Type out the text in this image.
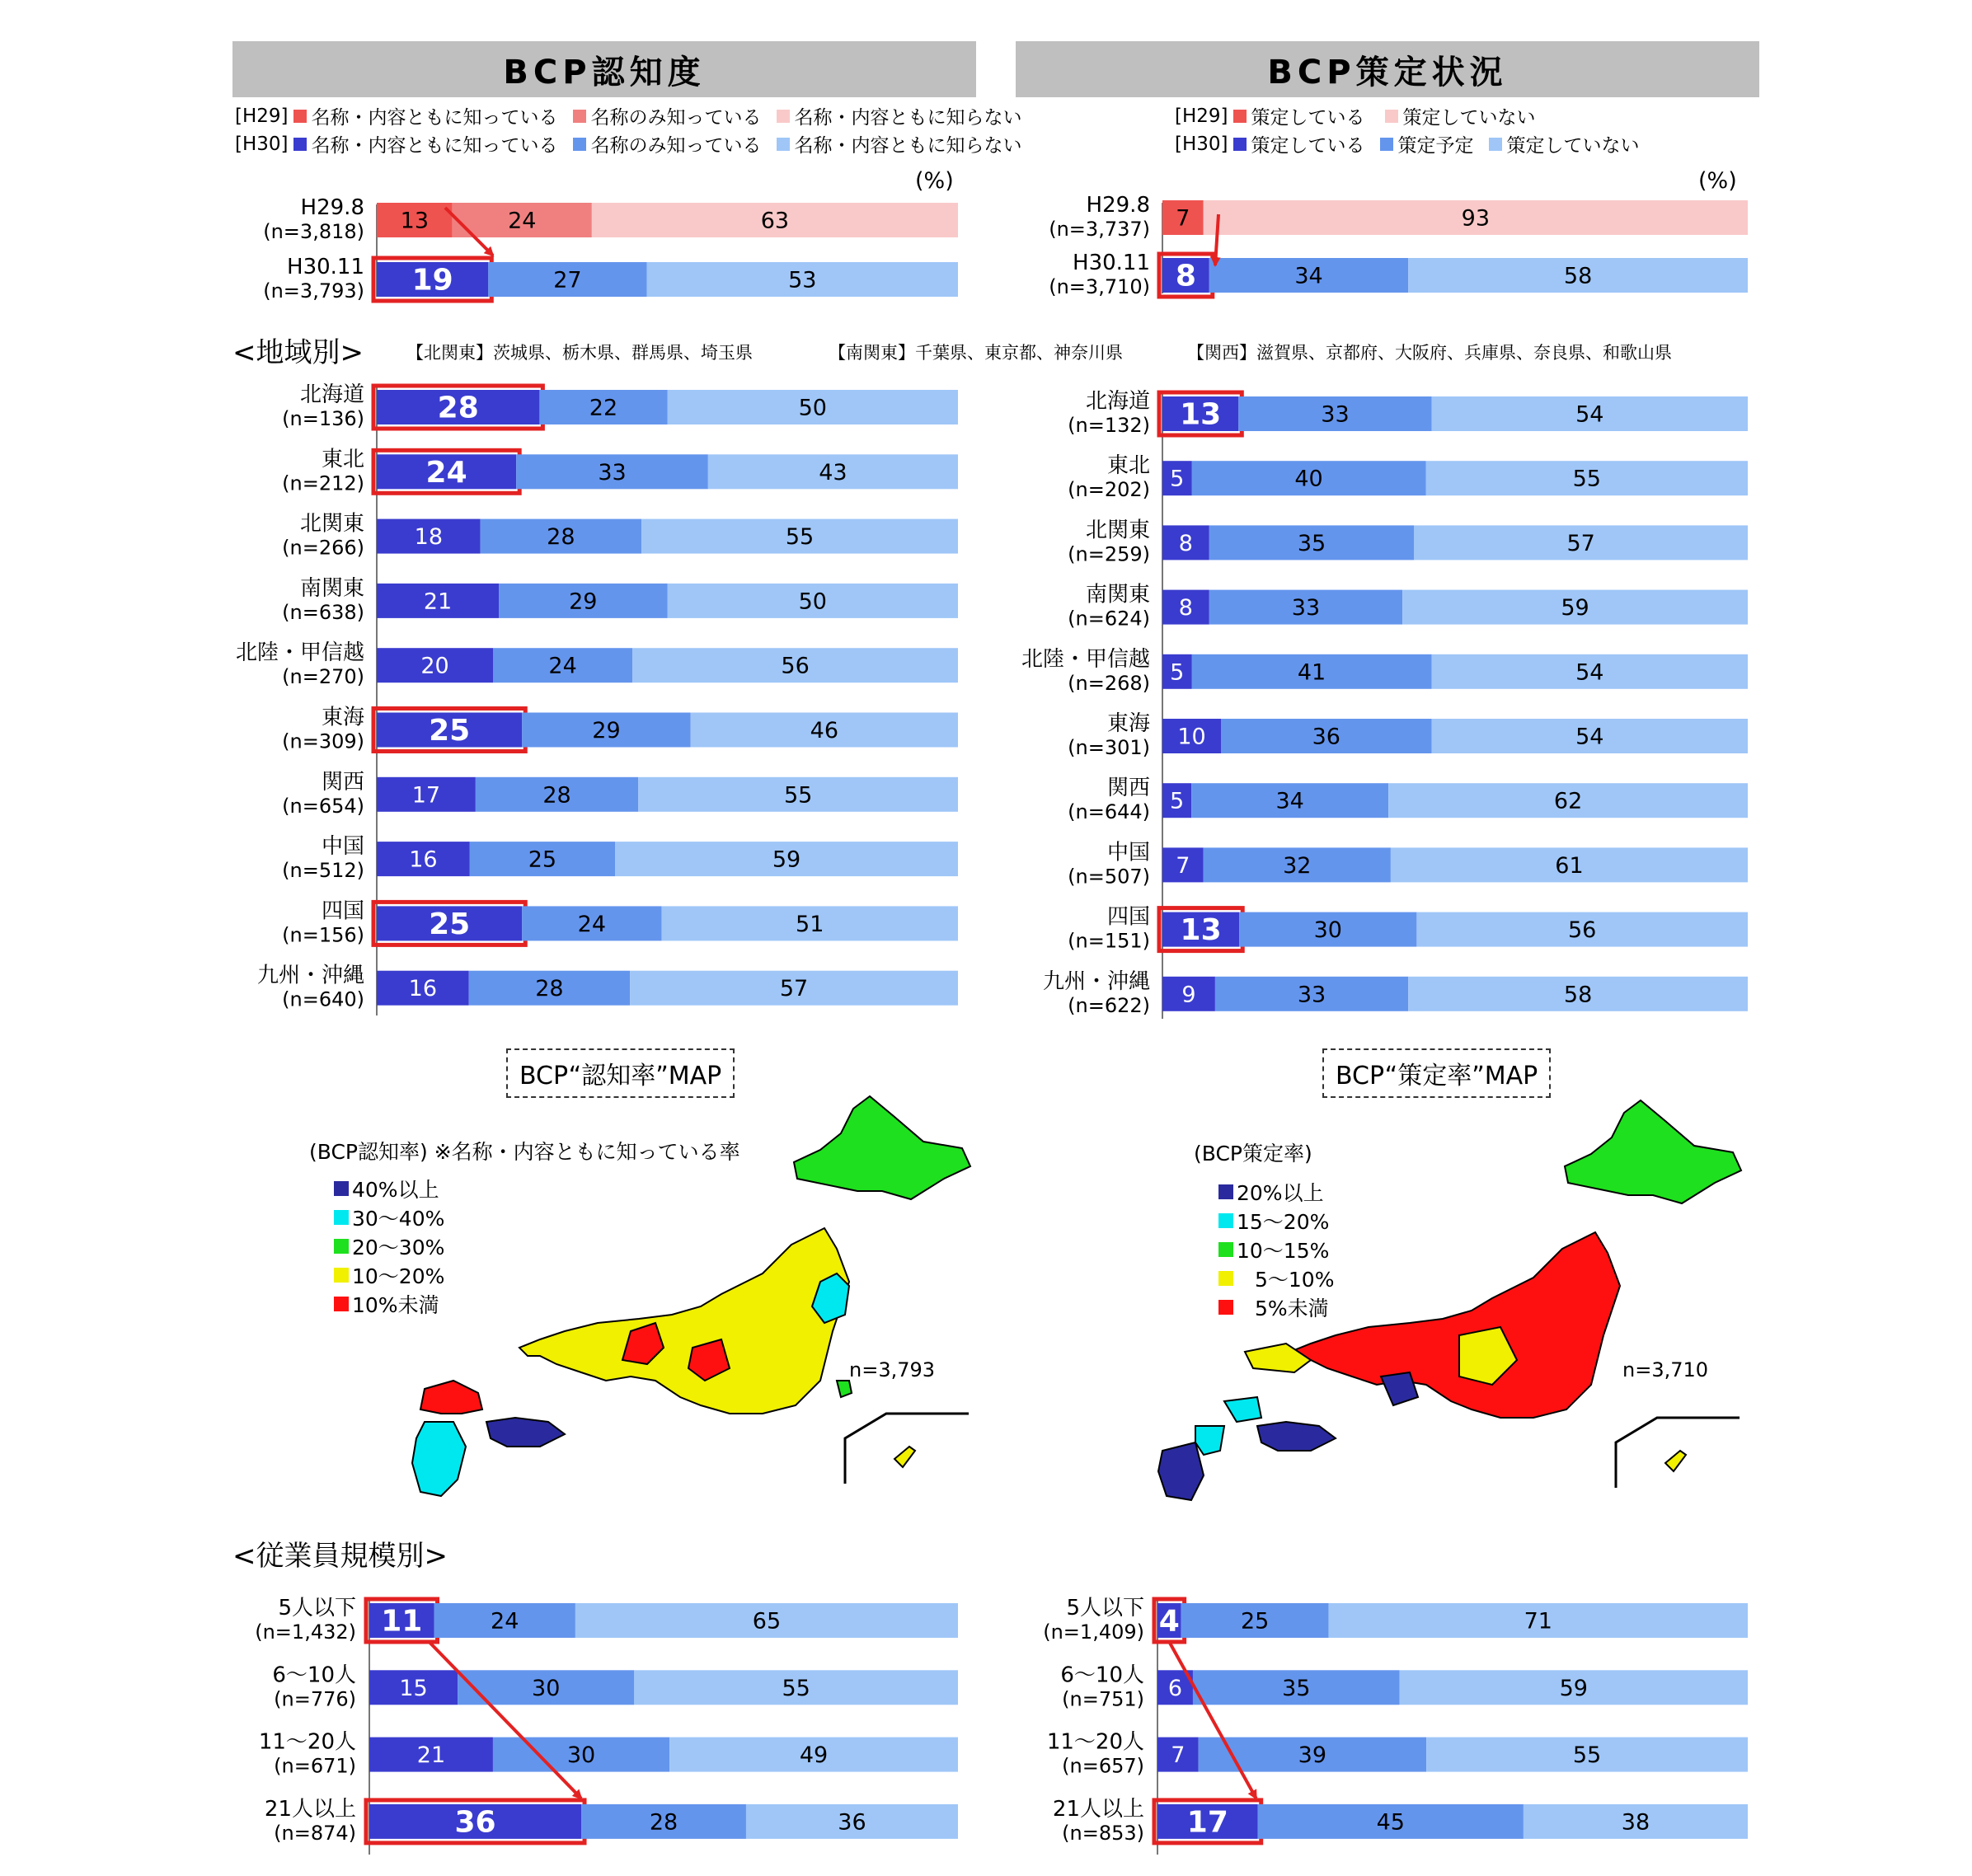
BCP認知度	BCP策定状況
[H29] 名称・内容ともに知っている 名称のみ知っている 名称・内容ともに知らない
[H30] 名称・内容ともに知っている 名称のみ知っている 名称・内容ともに知らない
[H29] 策定している 策定していない
[H30] 策定している 策定予定 策定していない
(%)	(%)
<地域別> 【北関東】茨城県、栃木県、群馬県、埼玉県	【南関東】千葉県、東京都、神奈川県	【関西】滋賀県、京都府、大阪府、兵庫県、奈良県、和歌山県
<従業員規模別>
BCP“認知率”MAP	BCP“策定率”MAP
(BCP認知率) ※名称・内容ともに知っている率
40%以上
30～40%
20～30%
10～20%
10%未満
(BCP策定率)
20%以上
15～20%
10～15%
5～10%
5%未満
n=3,793	n=3,710
13	24	63
H29.8
(n=3,818)
19	27	53
H30.11
(n=3,793)
7	93
H29.8
(n=3,737)
8	34	58
H30.11
(n=3,710)
28	22	50
北海道
(n=136)
24	33	43
東北
(n=212)
18	28	55
北関東
(n=266)
21	29	50
南関東
(n=638)
20	24	56
北陸・甲信越
(n=270)
25	29	46
東海
(n=309)
17	28	55
関西
(n=654)
16	25	59
中国
(n=512)
25	24	51
四国
(n=156)
16	28	57
九州・沖縄
(n=640)
13	33	54
北海道
(n=132)
5	40	55
東北
(n=202)
8	35	57
北関東
(n=259)
8	33	59
南関東
(n=624)
5	41	54
北陸・甲信越
(n=268)
10	36	54
東海
(n=301)
5	34	62
関西
(n=644)
7	32	61
中国
(n=507)
13	30	56
四国
(n=151)
9	33	58
九州・沖縄
(n=622)
11	24	65
5人以下
(n=1,432)
15	30	55
6～10人
(n=776)
21	30	49
11～20人
(n=671)
36	28	36
21人以上
(n=874)
4	25	71
5人以下
(n=1,409)
6	35	59
6～10人
(n=751)
7	39	55
11～20人
(n=657)
17	45	38
21人以上
(n=853)
